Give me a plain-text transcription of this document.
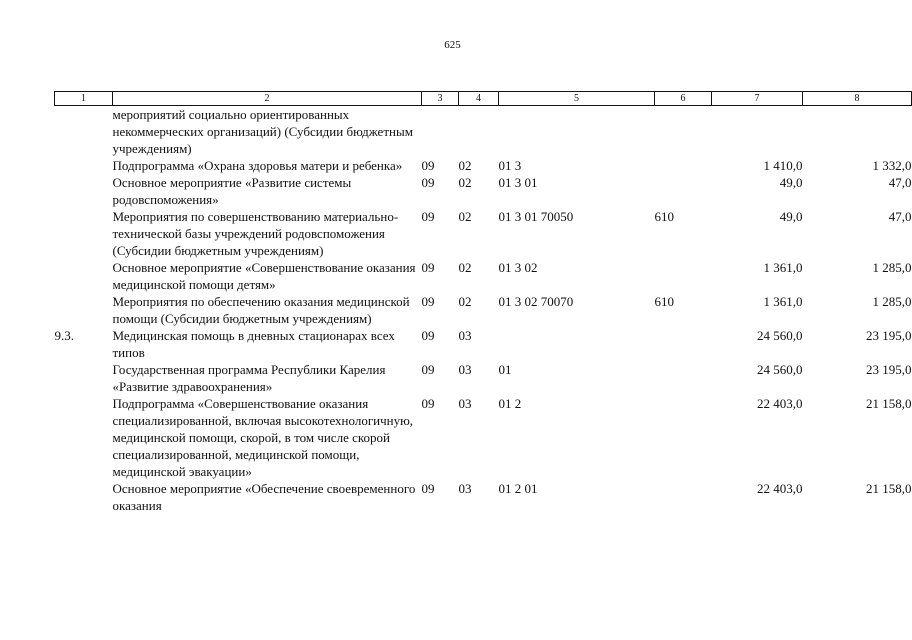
625
1	2	3	4	5	6	7	8
	мероприятий социально ориентированных некоммерческих организаций) (Субсидии бюджетным учреждениям)						
	Подпрограмма «Охрана здоровья матери и ребенка»	09	02	01 3		1 410,0	1 332,0
	Основное мероприятие «Развитие системы родовспоможения»	09	02	01 3 01		49,0	47,0
	Мероприятия по совершенствованию материально-технической базы учреждений родовспоможения (Субсидии бюджетным учреждениям)	09	02	01 3 01 70050	610	49,0	47,0
	Основное мероприятие «Совершенствование оказания медицинской помощи детям»	09	02	01 3 02		1 361,0	1 285,0
	Мероприятия по обеспечению оказания медицинской помощи (Субсидии бюджетным учреждениям)	09	02	01 3 02 70070	610	1 361,0	1 285,0
9.3.	Медицинская помощь в дневных стационарах всех типов	09	03			24 560,0	23 195,0
	Государственная программа Республики Карелия «Развитие здравоохранения»	09	03	01		24 560,0	23 195,0
	Подпрограмма «Совершенствование оказания специализированной, включая высокотехнологичную, медицинской помощи, скорой, в том числе скорой специализированной, медицинской помощи, медицинской эвакуации»	09	03	01 2		22 403,0	21 158,0
	Основное мероприятие «Обеспечение своевременного оказания	09	03	01 2 01		22 403,0	21 158,0
